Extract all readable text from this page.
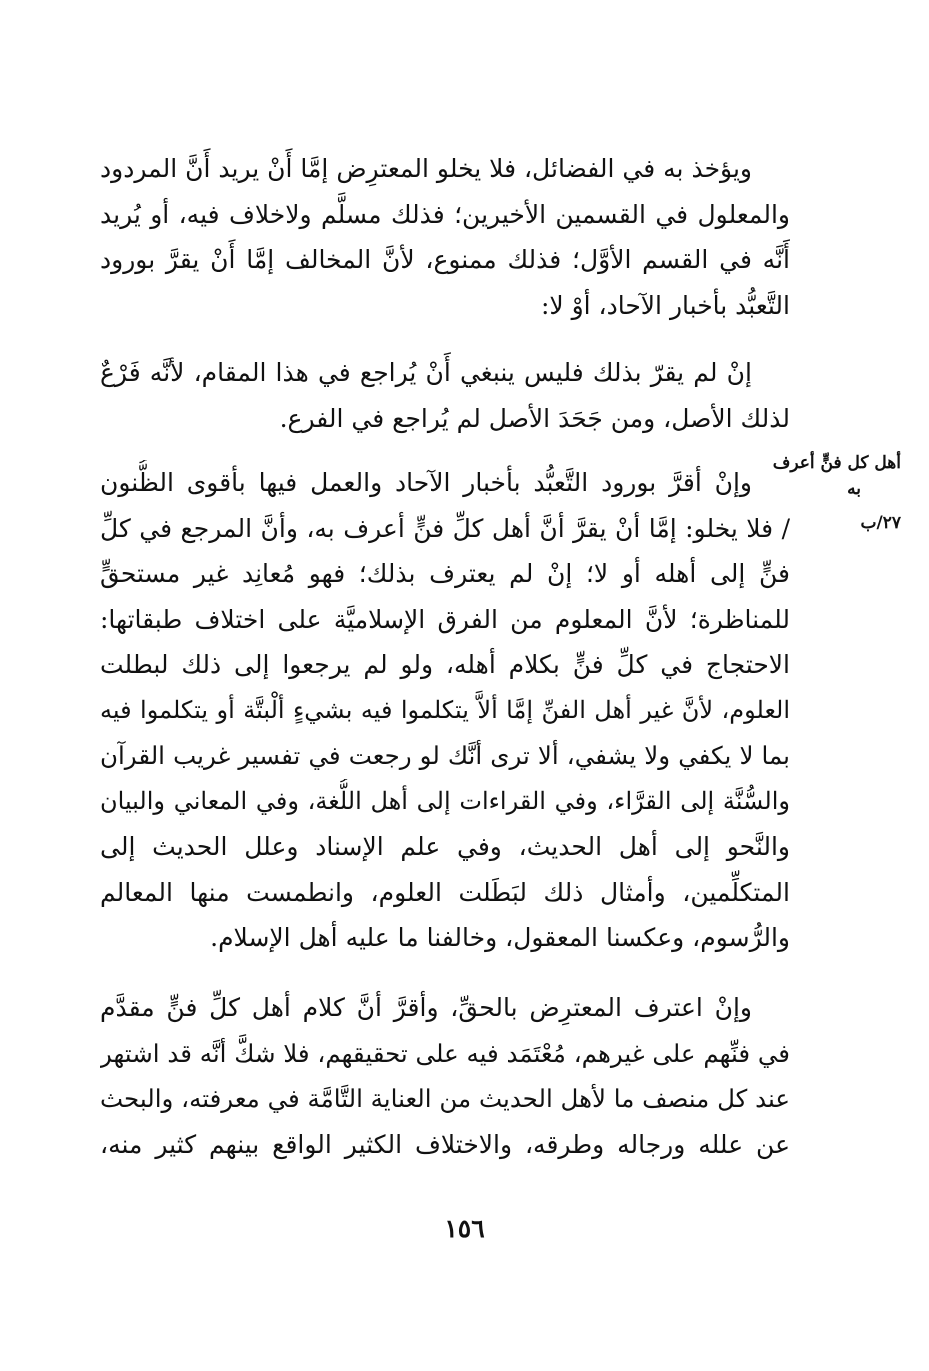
ويؤخذ به في الفضائل، فلا يخلو المعترِض إمَّا أَنْ يريد أَنَّ المردود
والمعلول في القسمين الأخيرين؛ فذلك مسلَّم ولاخلاف فيه، أو يُريد
أَنَّه في القسم الأوَّل؛ فذلك ممنوع، لأنَّ المخالف إمَّا أَنْ يقرَّ بورود
التَّعبُّد بأخبار الآحاد، أوْ لا:
إنْ لم يقرّ بذلك فليس ينبغي أَنْ يُراجع في هذا المقام، لأنَّه فَرْعٌ
لذلك الأصل، ومن جَحَدَ الأصل لم يُراجع في الفرع.
وإنْ أقرَّ بورود التَّعبُّد بأخبار الآحاد والعمل فيها بأقوى الظُّنون
/ فلا يخلو: إمَّا أنْ يقرَّ أنَّ أهل كلِّ فنٍّ أعرف به، وأنَّ المرجع في كلِّ
فنٍّ إلى أهله أو لا؛ إنْ لم يعترف بذلك؛ فهو مُعانِد غير مستحقٍّ
للمناظرة؛ لأنَّ المعلوم من الفرق الإسلاميَّة على اختلاف طبقاتها:
الاحتجاج في كلِّ فنٍّ بكلام أهله، ولو لم يرجعوا إلى ذلك لبطلت
العلوم، لأنَّ غير أهل الفنِّ إمَّا ألاَّ يتكلموا فيه بشيءٍ ألْبتَّة أو يتكلموا فيه
بما لا يكفي ولا يشفي، ألا ترى أنَّك لو رجعت في تفسير غريب القرآن
والسُّنَّة إلى القرَّاء، وفي القراءات إلى أهل اللُّغة، وفي المعاني والبيان
والنَّحو إلى أهل الحديث، وفي علم الإسناد وعلل الحديث إلى
المتكلِّمين، وأمثال ذلك لبَطَلت العلوم، وانطمست منها المعالم
والرُّسوم، وعكسنا المعقول، وخالفنا ما عليه أهل الإسلام.
وإنْ اعترف المعترِض بالحقِّ، وأقرَّ أنَّ كلام أهل كلِّ فنٍّ مقدَّم
في فنِّهم على غيرهم، مُعْتَمَد فيه على تحقيقهم، فلا شكَّ أنَّه قد اشتهر
عند كل منصف ما لأهل الحديث من العناية التَّامَّة في معرفته، والبحث
عن علله ورجاله وطرقه، والاختلاف الكثير الواقع بينهم كثير منه،
أهل كل فنٍّ أعرف
به
٢٧/ب
١٥٦
